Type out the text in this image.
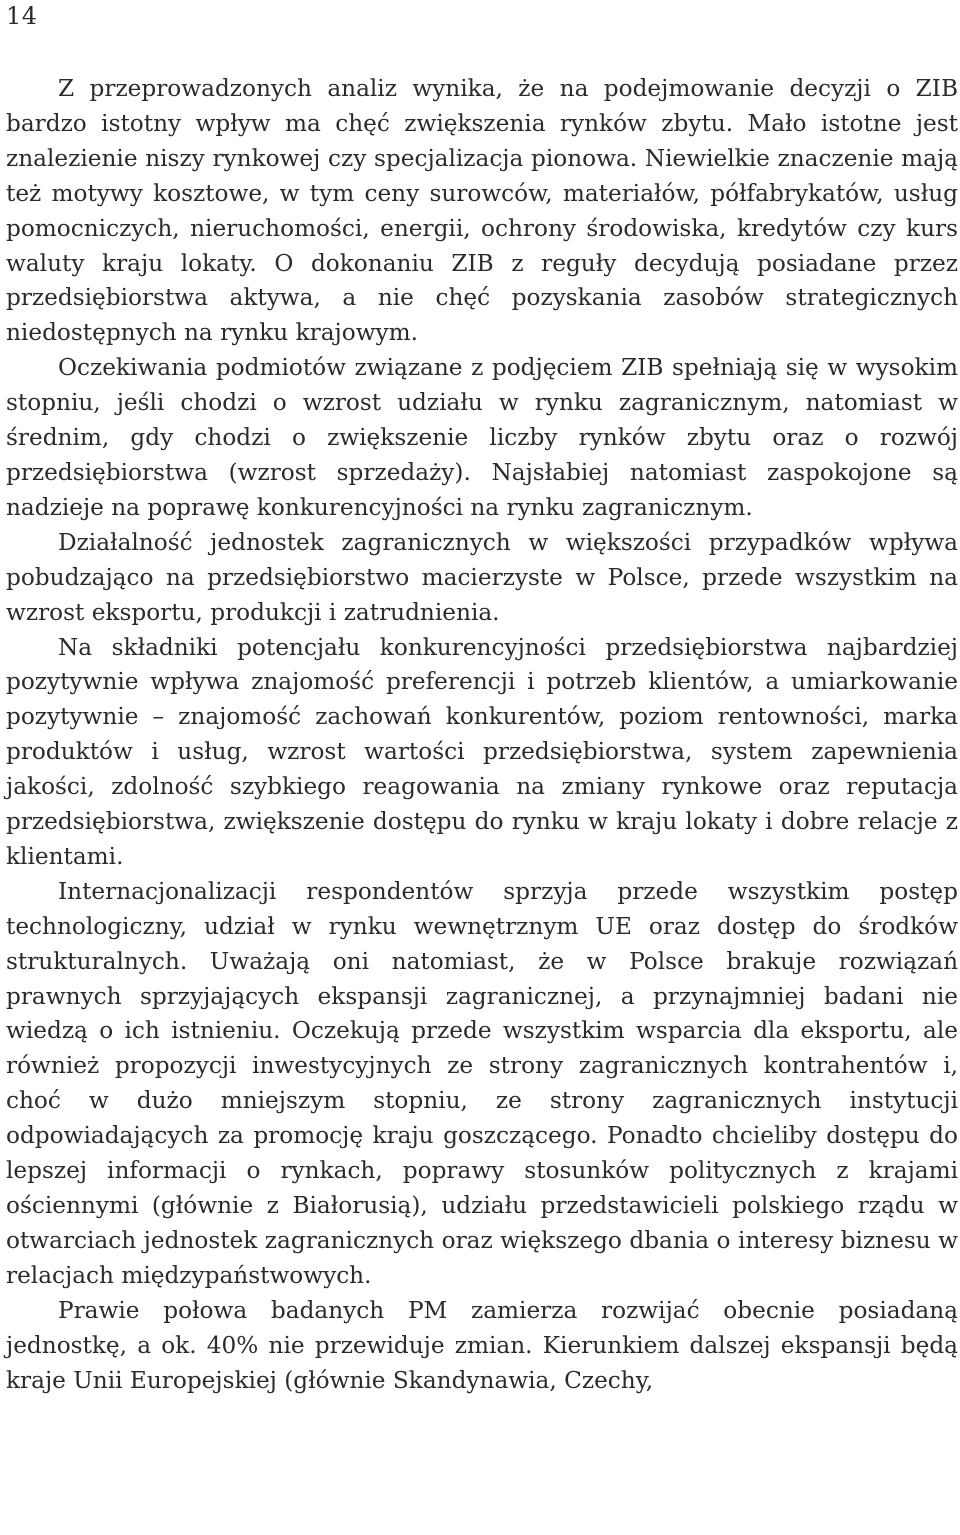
14

Z przeprowadzonych analiz wynika, że na podejmowanie decyzji o ZIB bardzo istotny wpływ ma chęć zwiększenia rynków zbytu. Mało istotne jest znalezienie niszy rynkowej czy specjalizacja pionowa. Niewielkie znaczenie mają też motywy kosztowe, w tym ceny surowców, materiałów, półfabrykatów, usług pomocniczych, nieruchomości, energii, ochrony środowiska, kredytów czy kurs waluty kraju lokaty. O dokonaniu ZIB z reguły decydują posiadane przez przedsiębiorstwa aktywa, a nie chęć pozyskania zasobów strategicznych niedostępnych na rynku krajowym.

Oczekiwania podmiotów związane z podjęciem ZIB spełniają się w wysokim stopniu, jeśli chodzi o wzrost udziału w rynku zagranicznym, natomiast w średnim, gdy chodzi o zwiększenie liczby rynków zbytu oraz o rozwój przedsiębiorstwa (wzrost sprzedaży). Najsłabiej natomiast zaspokojone są nadzieje na poprawę konkurencyjności na rynku zagranicznym.

Działalność jednostek zagranicznych w większości przypadków wpływa pobudzająco na przedsiębiorstwo macierzyste w Polsce, przede wszystkim na wzrost eksportu, produkcji i zatrudnienia.

Na składniki potencjału konkurencyjności przedsiębiorstwa najbardziej pozytywnie wpływa znajomość preferencji i potrzeb klientów, a umiarkowanie pozytywnie – znajomość zachowań konkurentów, poziom rentowności, marka produktów i usług, wzrost wartości przedsiębiorstwa, system zapewnienia jakości, zdolność szybkiego reagowania na zmiany rynkowe oraz reputacja przedsiębiorstwa, zwiększenie dostępu do rynku w kraju lokaty i dobre relacje z klientami.

Internacjonalizacji respondentów sprzyja przede wszystkim postęp technologiczny, udział w rynku wewnętrznym UE oraz dostęp do środków strukturalnych. Uważają oni natomiast, że w Polsce brakuje rozwiązań prawnych sprzyjających ekspansji zagranicznej, a przynajmniej badani nie wiedzą o ich istnieniu. Oczekują przede wszystkim wsparcia dla eksportu, ale również propozycji inwestycyjnych ze strony zagranicznych kontrahentów i, choć w dużo mniejszym stopniu, ze strony zagranicznych instytucji odpowiadających za promocję kraju goszczącego. Ponadto chcieliby dostępu do lepszej informacji o rynkach, poprawy stosunków politycznych z krajami ościennymi (głównie z Białorusią), udziału przedstawicieli polskiego rządu w otwarciach jednostek zagranicznych oraz większego dbania o interesy biznesu w relacjach międzypaństwowych.

Prawie połowa badanych PM zamierza rozwijać obecnie posiadaną jednostkę, a ok. 40% nie przewiduje zmian. Kierunkiem dalszej ekspansji będą kraje Unii Europejskiej (głównie Skandynawia, Czechy,
